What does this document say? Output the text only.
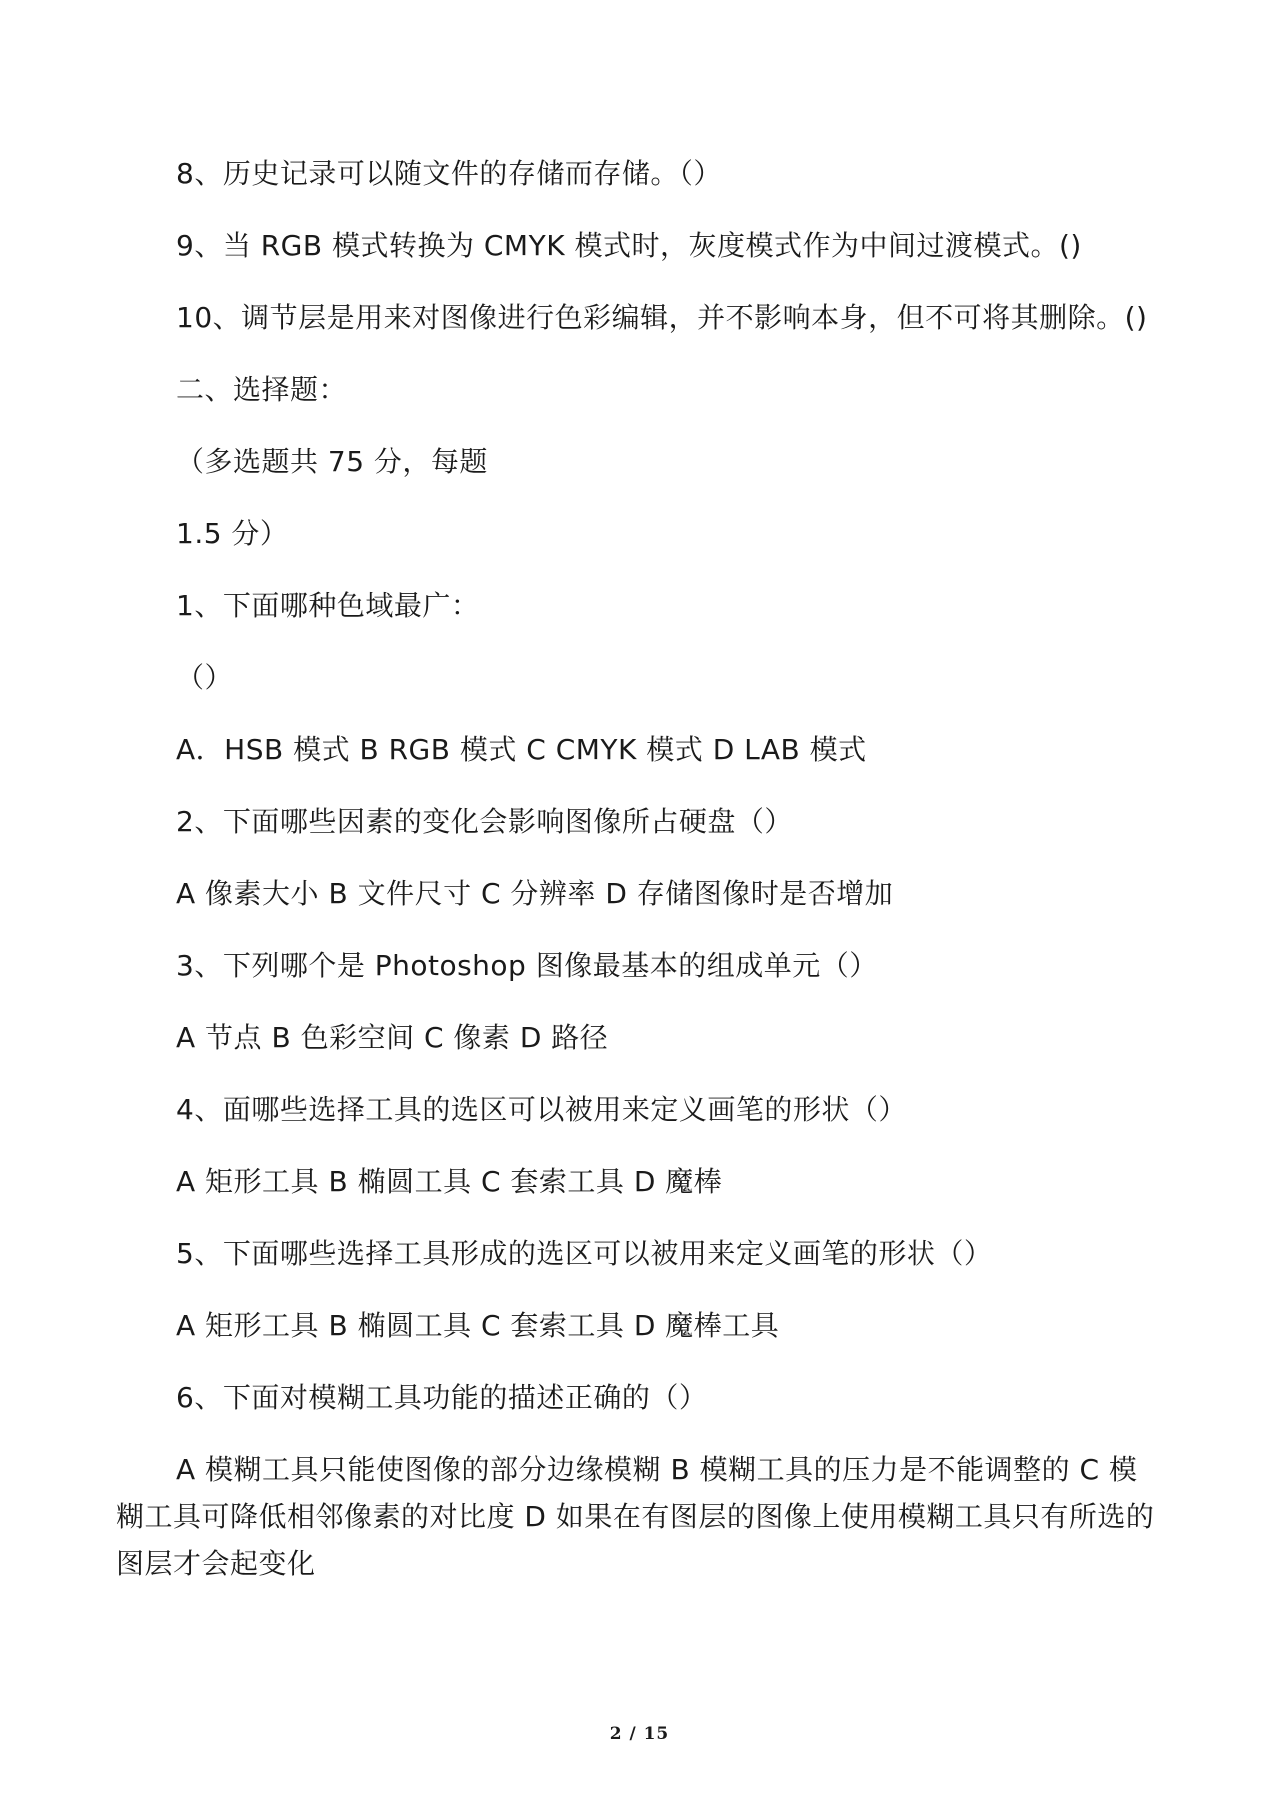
8、历史记录可以随文件的存储而存储。（）

9、当 RGB 模式转换为 CMYK 模式时，灰度模式作为中间过渡模式。()

10、调节层是用来对图像进行色彩编辑，并不影响本身，但不可将其删除。()

二、选择题：

（多选题共 75 分，每题

1.5 分）

1、下面哪种色域最广：

（）

A．HSB 模式 B RGB 模式 C CMYK 模式 D LAB 模式

2、下面哪些因素的变化会影响图像所占硬盘（）

A 像素大小 B 文件尺寸 C 分辨率 D 存储图像时是否增加

3、下列哪个是 Photoshop 图像最基本的组成单元（）

A 节点 B 色彩空间 C 像素 D 路径

4、面哪些选择工具的选区可以被用来定义画笔的形状（）

A 矩形工具 B 椭圆工具 C 套索工具 D 魔棒

5、下面哪些选择工具形成的选区可以被用来定义画笔的形状（）

A 矩形工具 B 椭圆工具 C 套索工具 D 魔棒工具

6、下面对模糊工具功能的描述正确的（）

A 模糊工具只能使图像的部分边缘模糊 B 模糊工具的压力是不能调整的 C 模糊工具可降低相邻像素的对比度 D 如果在有图层的图像上使用模糊工具只有所选的图层才会起变化

2 / 15
